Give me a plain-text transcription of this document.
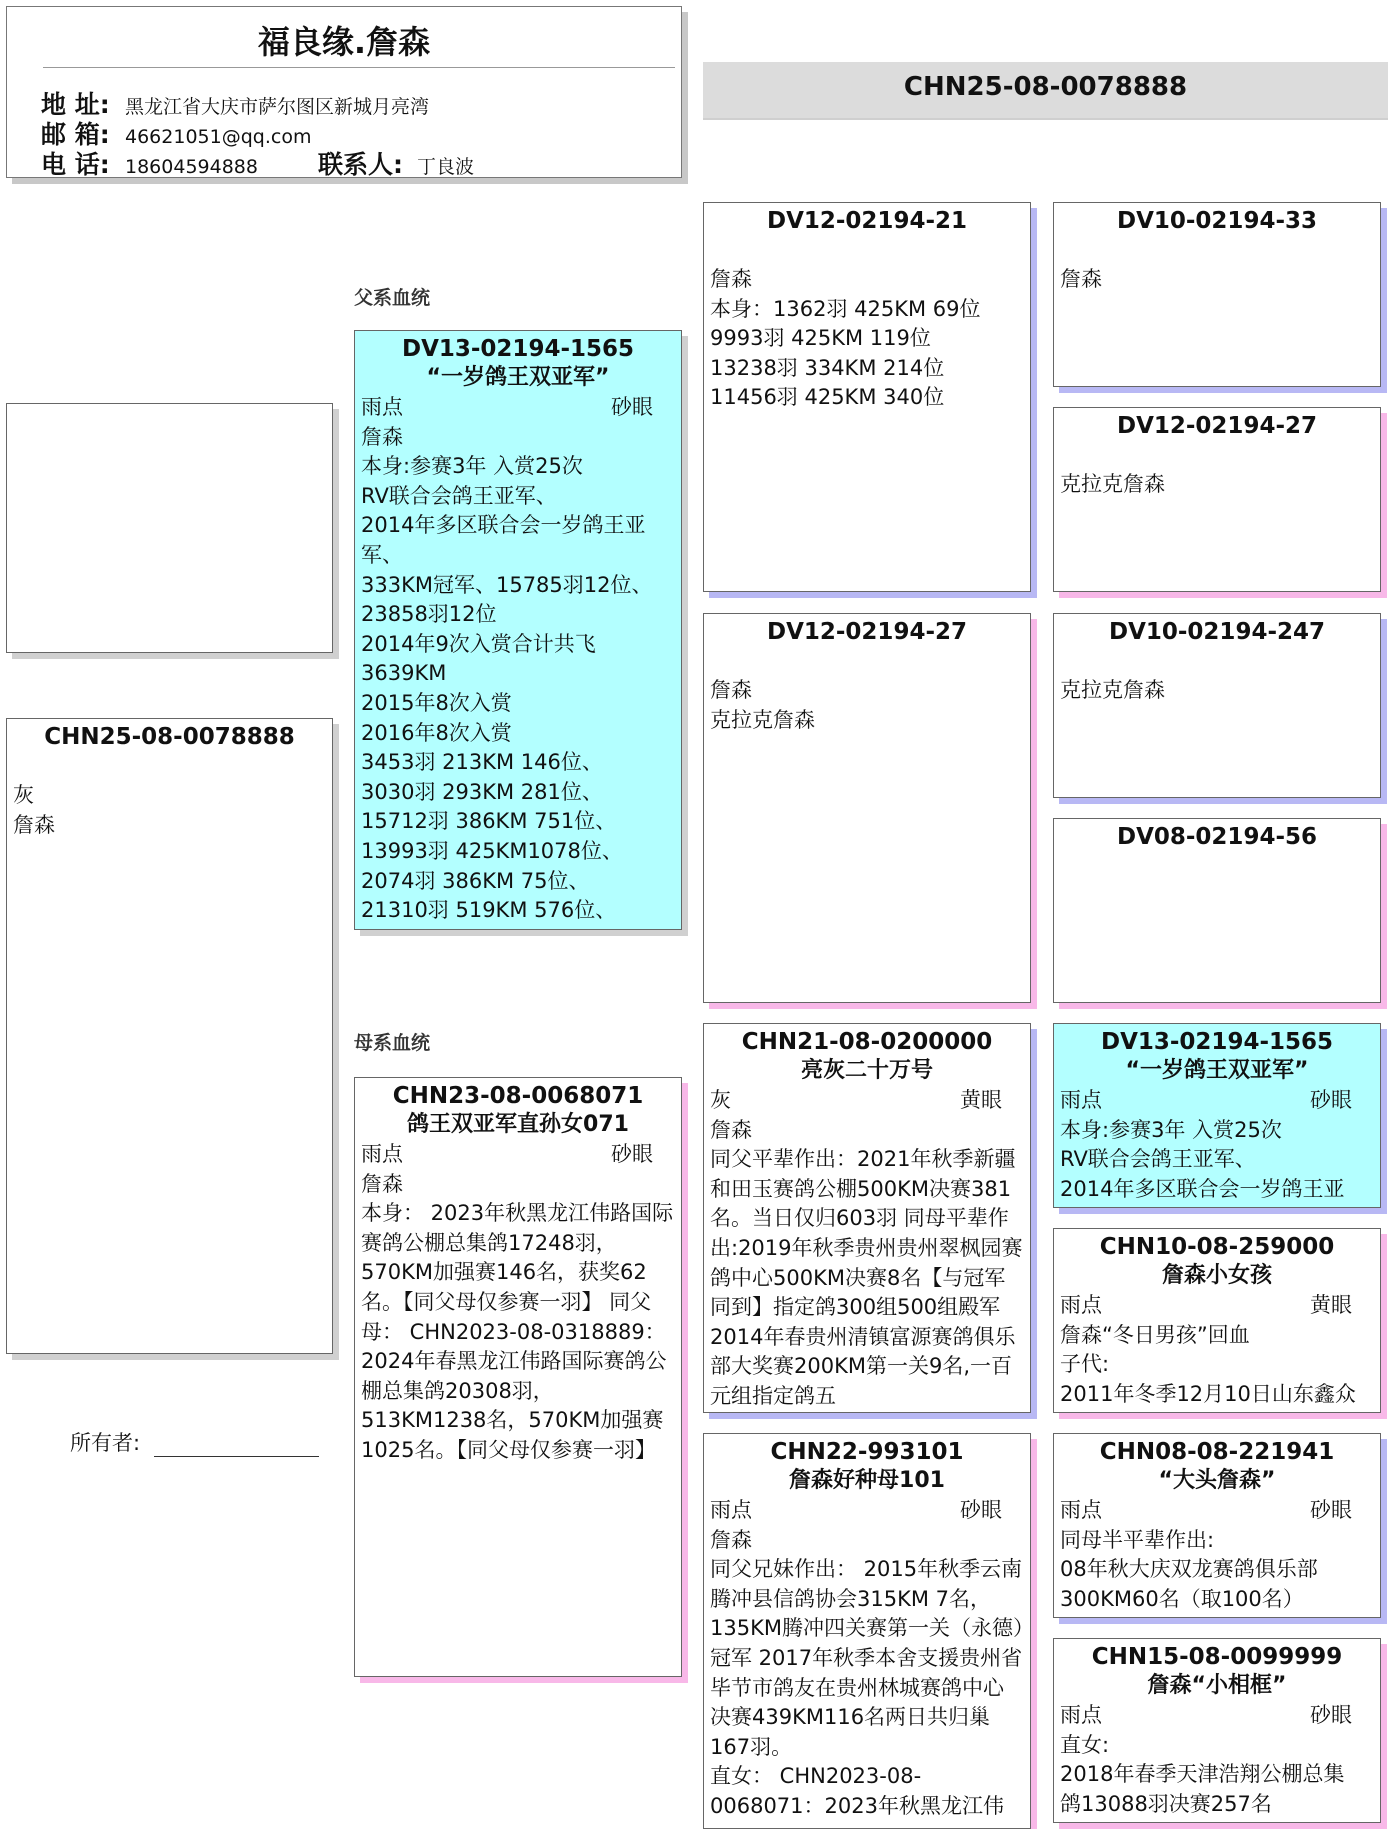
福良缘.詹森
地 址: 黑龙江省大庆市萨尔图区新城月亮湾
邮 箱: 46621051@qq.com
电 话: 18604594888 联系人: 丁良波
CHN25-08-0078888
父系血统
母系血统
CHN25-08-0078888

灰

詹森

所有者:
DV13-02194-1565
“一岁鸽王双亚军”
雨点	砂眼

詹森

本身:参赛3年 入赏25次

RV联合会鸽王亚军、

2014年多区联合会一岁鸽王亚

军、

333KM冠军、15785羽12位、

23858羽12位

2014年9次入赏合计共飞

3639KM

2015年8次入赏

2016年8次入赏

3453羽 213KM 146位、

3030羽 293KM 281位、

15712羽 386KM 751位、

13993羽 425KM1078位、

2074羽 386KM 75位、

21310羽 519KM 576位、

CHN23-08-0068071
鸽王双亚军直孙女071
雨点	砂眼

詹森

本身： 2023年秋黑龙江伟路国际赛鸽公棚总集鸽17248羽，570KM加强赛146名，获奖62名。【同父母仅参赛一羽】 同父母： CHN2023-08-0318889： 2024年春黑龙江伟路国际赛鸽公棚总集鸽20308羽，513KM1238名，570KM加强赛1025名。【同父母仅参赛一羽】

DV12-02194-21

詹森

本身：1362羽 425KM 69位

9993羽 425KM 119位

13238羽 334KM 214位

11456羽 425KM 340位

DV12-02194-27

詹森

克拉克詹森

CHN21-08-0200000
亮灰二十万号
灰	黄眼

詹森

同父平辈作出：2021年秋季新疆和田玉赛鸽公棚500KM决赛381名。当日仅归603羽 同母平辈作出:2019年秋季贵州贵州翠枫园赛鸽中心500KM决赛8名【与冠军同到】指定鸽300组500组殿军 2014年春贵州清镇富源赛鸽俱乐部大奖赛200KM第一关9名,一百元组指定鸽五

CHN22-993101
詹森好种母101
雨点	砂眼

詹森

同父兄妹作出： 2015年秋季云南腾冲县信鸽协会315KM 7名，135KM腾冲四关赛第一关（永德）冠军 2017年秋季本舍支援贵州省毕节市鸽友在贵州林城赛鸽中心决赛439KM116名两日共归巢167羽。

直女： CHN2023-08-0068071：2023年秋黑龙江伟

DV10-02194-33

詹森

DV12-02194-27

克拉克詹森

DV10-02194-247

克拉克詹森

DV08-02194-56
DV13-02194-1565
“一岁鸽王双亚军”
雨点	砂眼

本身:参赛3年 入赏25次

RV联合会鸽王亚军、

2014年多区联合会一岁鸽王亚

CHN10-08-259000
詹森小女孩
雨点	黄眼

詹森“冬日男孩”回血

子代:

2011年冬季12月10日山东鑫众

CHN08-08-221941
“大头詹森”
雨点	砂眼

同母半平辈作出:

08年秋大庆双龙赛鸽俱乐部

300KM60名（取100名）

CHN15-08-0099999
詹森“小相框”
雨点	砂眼

直女:

2018年春季天津浩翔公棚总集

鸽13088羽决赛257名
